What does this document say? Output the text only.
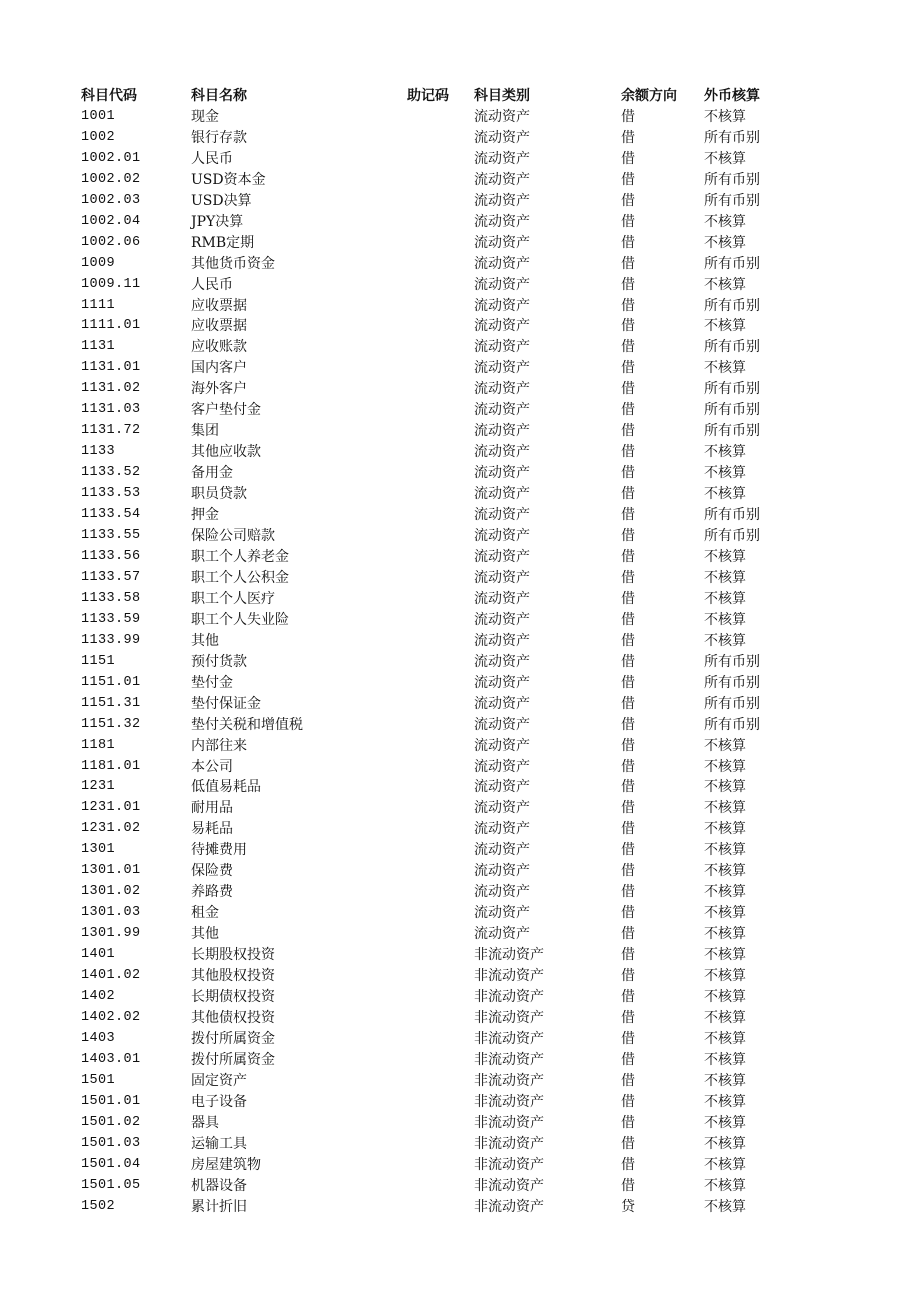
科目代码	科目名称	助记码	科目类别	余额方向	外币核算
1001	现金		流动资产	借	不核算
1002	银行存款		流动资产	借	所有币别
1002.01	人民币		流动资产	借	不核算
1002.02	USD资本金		流动资产	借	所有币别
1002.03	USD决算		流动资产	借	所有币别
1002.04	JPY决算		流动资产	借	不核算
1002.06	RMB定期		流动资产	借	不核算
1009	其他货币资金		流动资产	借	所有币别
1009.11	人民币		流动资产	借	不核算
1111	应收票据		流动资产	借	所有币别
1111.01	应收票据		流动资产	借	不核算
1131	应收账款		流动资产	借	所有币别
1131.01	国内客户		流动资产	借	不核算
1131.02	海外客户		流动资产	借	所有币别
1131.03	客户垫付金		流动资产	借	所有币别
1131.72	集团		流动资产	借	所有币别
1133	其他应收款		流动资产	借	不核算
1133.52	备用金		流动资产	借	不核算
1133.53	职员贷款		流动资产	借	不核算
1133.54	押金		流动资产	借	所有币别
1133.55	保险公司赔款		流动资产	借	所有币别
1133.56	职工个人养老金		流动资产	借	不核算
1133.57	职工个人公积金		流动资产	借	不核算
1133.58	职工个人医疗		流动资产	借	不核算
1133.59	职工个人失业险		流动资产	借	不核算
1133.99	其他		流动资产	借	不核算
1151	预付货款		流动资产	借	所有币别
1151.01	垫付金		流动资产	借	所有币别
1151.31	垫付保证金		流动资产	借	所有币别
1151.32	垫付关税和增值税		流动资产	借	所有币别
1181	内部往来		流动资产	借	不核算
1181.01	本公司		流动资产	借	不核算
1231	低值易耗品		流动资产	借	不核算
1231.01	耐用品		流动资产	借	不核算
1231.02	易耗品		流动资产	借	不核算
1301	待摊费用		流动资产	借	不核算
1301.01	保险费		流动资产	借	不核算
1301.02	养路费		流动资产	借	不核算
1301.03	租金		流动资产	借	不核算
1301.99	其他		流动资产	借	不核算
1401	长期股权投资		非流动资产	借	不核算
1401.02	其他股权投资		非流动资产	借	不核算
1402	长期债权投资		非流动资产	借	不核算
1402.02	其他债权投资		非流动资产	借	不核算
1403	拨付所属资金		非流动资产	借	不核算
1403.01	拨付所属资金		非流动资产	借	不核算
1501	固定资产		非流动资产	借	不核算
1501.01	电子设备		非流动资产	借	不核算
1501.02	器具		非流动资产	借	不核算
1501.03	运输工具		非流动资产	借	不核算
1501.04	房屋建筑物		非流动资产	借	不核算
1501.05	机器设备		非流动资产	借	不核算
1502	累计折旧		非流动资产	贷	不核算
